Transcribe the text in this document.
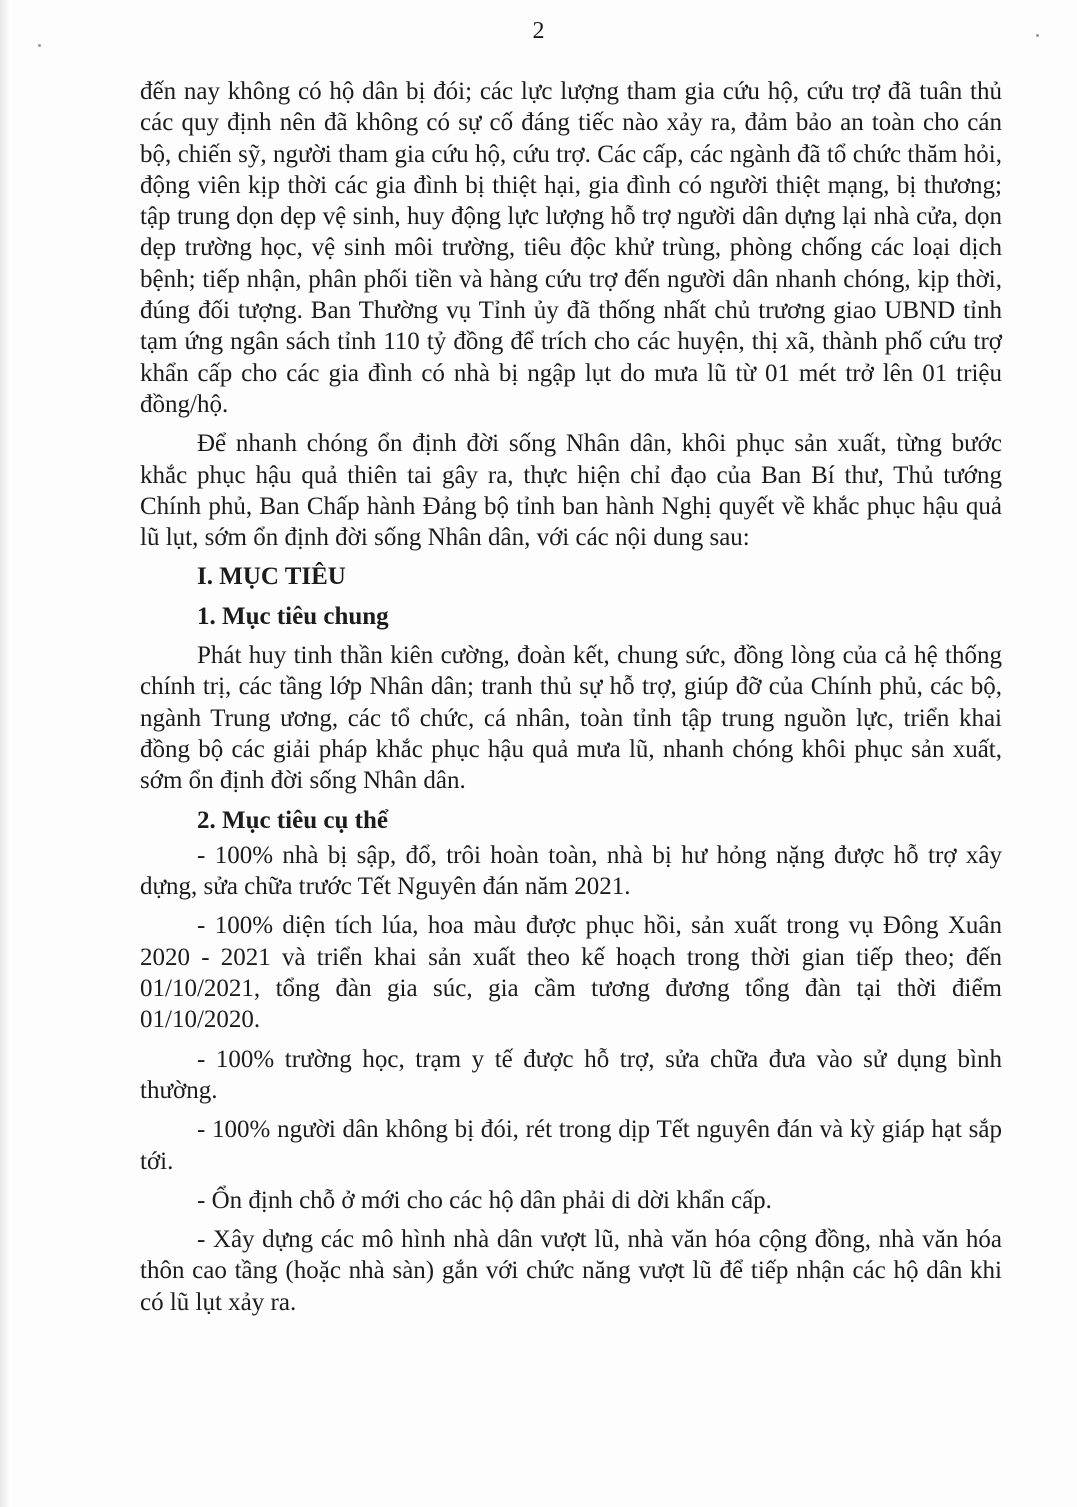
2

đến nay không có hộ dân bị đói; các lực lượng tham gia cứu hộ, cứu trợ đã tuân thủ các quy định nên đã không có sự cố đáng tiếc nào xảy ra, đảm bảo an toàn cho cán bộ, chiến sỹ, người tham gia cứu hộ, cứu trợ. Các cấp, các ngành đã tổ chức thăm hỏi, động viên kịp thời các gia đình bị thiệt hại, gia đình có người thiệt mạng, bị thương; tập trung dọn dẹp vệ sinh, huy động lực lượng hỗ trợ người dân dựng lại nhà cửa, dọn dẹp trường học, vệ sinh môi trường, tiêu độc khử trùng, phòng chống các loại dịch bệnh; tiếp nhận, phân phối tiền và hàng cứu trợ đến người dân nhanh chóng, kịp thời, đúng đối tượng. Ban Thường vụ Tỉnh ủy đã thống nhất chủ trương giao UBND tỉnh tạm ứng ngân sách tỉnh 110 tỷ đồng để trích cho các huyện, thị xã, thành phố cứu trợ khẩn cấp cho các gia đình có nhà bị ngập lụt do mưa lũ từ 01 mét trở lên 01 triệu đồng/hộ.

Để nhanh chóng ổn định đời sống Nhân dân, khôi phục sản xuất, từng bước khắc phục hậu quả thiên tai gây ra, thực hiện chỉ đạo của Ban Bí thư, Thủ tướng Chính phủ, Ban Chấp hành Đảng bộ tỉnh ban hành Nghị quyết về khắc phục hậu quả lũ lụt, sớm ổn định đời sống Nhân dân, với các nội dung sau:

I. MỤC TIÊU
1. Mục tiêu chung

Phát huy tinh thần kiên cường, đoàn kết, chung sức, đồng lòng của cả hệ thống chính trị, các tầng lớp Nhân dân; tranh thủ sự hỗ trợ, giúp đỡ của Chính phủ, các bộ, ngành Trung ương, các tổ chức, cá nhân, toàn tỉnh tập trung nguồn lực, triển khai đồng bộ các giải pháp khắc phục hậu quả mưa lũ, nhanh chóng khôi phục sản xuất, sớm ổn định đời sống Nhân dân.

2. Mục tiêu cụ thể

- 100% nhà bị sập, đổ, trôi hoàn toàn, nhà bị hư hỏng nặng được hỗ trợ xây dựng, sửa chữa trước Tết Nguyên đán năm 2021.

- 100% diện tích lúa, hoa màu được phục hồi, sản xuất trong vụ Đông Xuân 2020 - 2021 và triển khai sản xuất theo kế hoạch trong thời gian tiếp theo; đến 01/10/2021, tổng đàn gia súc, gia cầm tương đương tổng đàn tại thời điểm 01/10/2020.

- 100% trường học, trạm y tế được hỗ trợ, sửa chữa đưa vào sử dụng bình thường.

- 100% người dân không bị đói, rét trong dịp Tết nguyên đán và kỳ giáp hạt sắp tới.

- Ổn định chỗ ở mới cho các hộ dân phải di dời khẩn cấp.

- Xây dựng các mô hình nhà dân vượt lũ, nhà văn hóa cộng đồng, nhà văn hóa thôn cao tầng (hoặc nhà sàn) gắn với chức năng vượt lũ để tiếp nhận các hộ dân khi có lũ lụt xảy ra.
